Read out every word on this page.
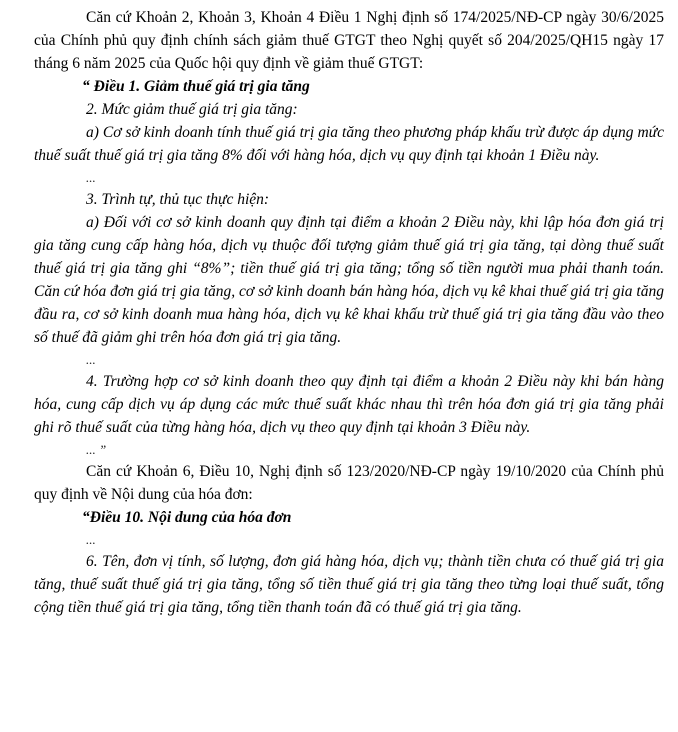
Căn cứ Khoản 2, Khoản 3, Khoản 4 Điều 1 Nghị định số 174/2025/NĐ-CP ngày 30/6/2025 của Chính phủ quy định chính sách giảm thuế GTGT theo Nghị quyết số 204/2025/QH15 ngày 17 tháng 6 năm 2025 của Quốc hội quy định về giảm thuế GTGT:

“ Điều 1. Giảm thuế giá trị gia tăng

2. Mức giảm thuế giá trị gia tăng:

a) Cơ sở kinh doanh tính thuế giá trị gia tăng theo phương pháp khấu trừ được áp dụng mức thuế suất thuế giá trị gia tăng 8% đối với hàng hóa, dịch vụ quy định tại khoản 1 Điều này.

...

3. Trình tự, thủ tục thực hiện:

a) Đối với cơ sở kinh doanh quy định tại điểm a khoản 2 Điều này, khi lập hóa đơn giá trị gia tăng cung cấp hàng hóa, dịch vụ thuộc đối tượng giảm thuế giá trị gia tăng, tại dòng thuế suất thuế giá trị gia tăng ghi “8%”; tiền thuế giá trị gia tăng; tổng số tiền người mua phải thanh toán. Căn cứ hóa đơn giá trị gia tăng, cơ sở kinh doanh bán hàng hóa, dịch vụ kê khai thuế giá trị gia tăng đầu ra, cơ sở kinh doanh mua hàng hóa, dịch vụ kê khai khấu trừ thuế giá trị gia tăng đầu vào theo số thuế đã giảm ghi trên hóa đơn giá trị gia tăng.

...

4. Trường hợp cơ sở kinh doanh theo quy định tại điểm a khoản 2 Điều này khi bán hàng hóa, cung cấp dịch vụ áp dụng các mức thuế suất khác nhau thì trên hóa đơn giá trị gia tăng phải ghi rõ thuế suất của từng hàng hóa, dịch vụ theo quy định tại khoản 3 Điều này.

... ”

Căn cứ Khoản 6, Điều 10, Nghị định số 123/2020/NĐ-CP ngày 19/10/2020 của Chính phủ quy định về Nội dung của hóa đơn:

“Điều 10. Nội dung của hóa đơn

...

6. Tên, đơn vị tính, số lượng, đơn giá hàng hóa, dịch vụ; thành tiền chưa có thuế giá trị gia tăng, thuế suất thuế giá trị gia tăng, tổng số tiền thuế giá trị gia tăng theo từng loại thuế suất, tổng cộng tiền thuế giá trị gia tăng, tổng tiền thanh toán đã có thuế giá trị gia tăng.
